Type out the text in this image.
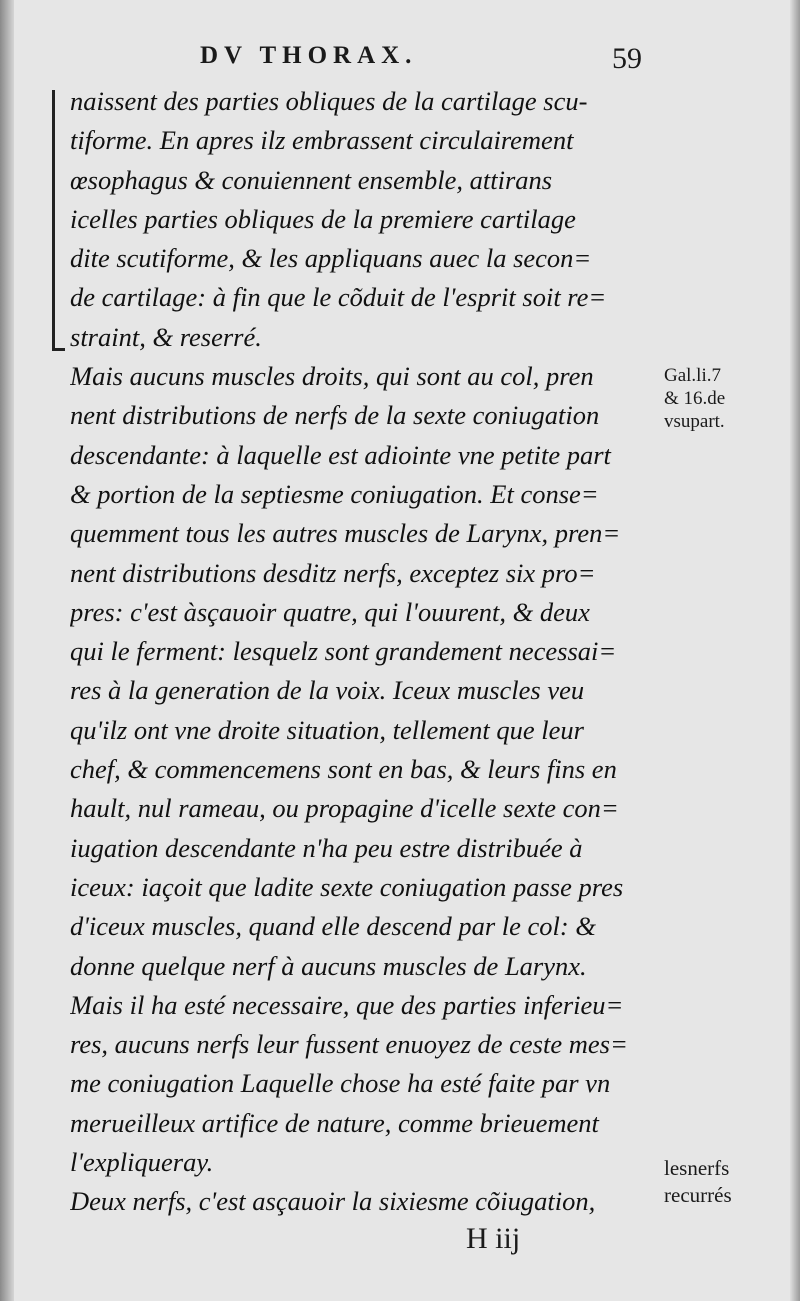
DV THORAX.	59
naissent des parties obliques de la cartilage scu-
tiforme. En apres ilz embrassent circulairement
œsophagus & conuiennent ensemble, attirans
icelles parties obliques de la premiere cartilage
dite scutiforme, & les appliquans auec la secon=
de cartilage: à fin que le cõduit de l'esprit soit re=
straint, & reserré.
Mais aucuns muscles droits, qui sont au col, pren
nent distributions de nerfs de la sexte coniugation
descendante: à laquelle est adiointe vne petite part
& portion de la septiesme coniugation. Et conse=
quemment tous les autres muscles de Larynx, pren=
nent distributions desditz nerfs, exceptez six pro=
pres: c'est àsçauoir quatre, qui l'ouurent, & deux
qui le ferment: lesquelz sont grandement necessai=
res à la generation de la voix. Iceux muscles veu
qu'ilz ont vne droite situation, tellement que leur
chef, & commencemens sont en bas, & leurs fins en
hault, nul rameau, ou propagine d'icelle sexte con=
iugation descendante n'ha peu estre distribuée à
iceux: iaçoit que ladite sexte coniugation passe pres
d'iceux muscles, quand elle descend par le col: &
donne quelque nerf à aucuns muscles de Larynx.
Mais il ha esté necessaire, que des parties inferieu=
res, aucuns nerfs leur fussent enuoyez de ceste mes=
me coniugation Laquelle chose ha esté faite par vn
merueilleux artifice de nature, comme brieuement
l'expliqueray.
Deux nerfs, c'est asçauoir la sixiesme cõiugation,
Gal.li.7
& 16.de
vsupart.
lesnerfs
recurrés
H iij
